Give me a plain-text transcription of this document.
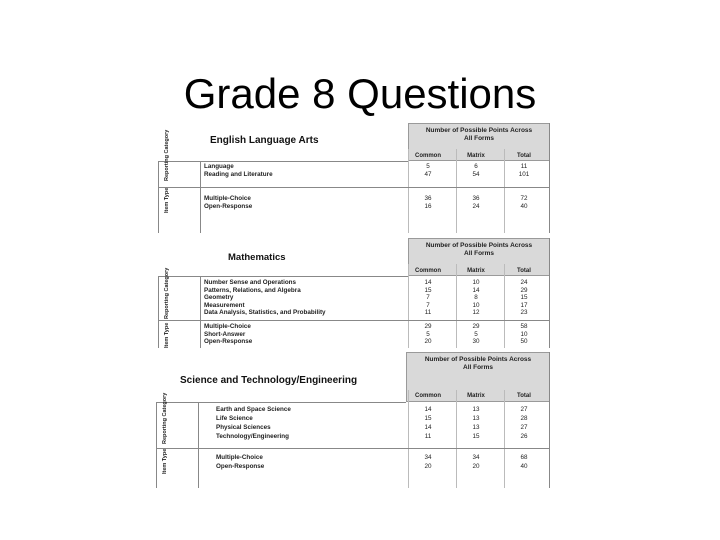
Grade 8 Questions
Number of Possible Points Across All Forms
Common	Matrix	Total
English Language Arts
Language	5	6	11
Reading and Literature	47	54	101
Reporting Category
Multiple-Choice	36	36	72
Open-Response	16	24	40
Item Type
Number of Possible Points Across All Forms
Common	Matrix	Total
Mathematics
Number Sense and Operations	14	10	24
Patterns, Relations, and Algebra	15	14	29
Geometry	7	8	15
Measurement	7	10	17
Data Analysis, Statistics, and Probability	11	12	23
Reporting Category
Multiple-Choice	29	29	58
Short-Answer	5	5	10
Open-Response	20	30	50
Item Type
Number of Possible Points Across All Forms
Common	Matrix	Total
Science and Technology/Engineering
Earth and Space Science	14	13	27
Life Science	15	13	28
Physical Sciences	14	13	27
Technology/Engineering	11	15	26
Reporting Category
Multiple-Choice	34	34	68
Open-Response	20	20	40
Item Type
